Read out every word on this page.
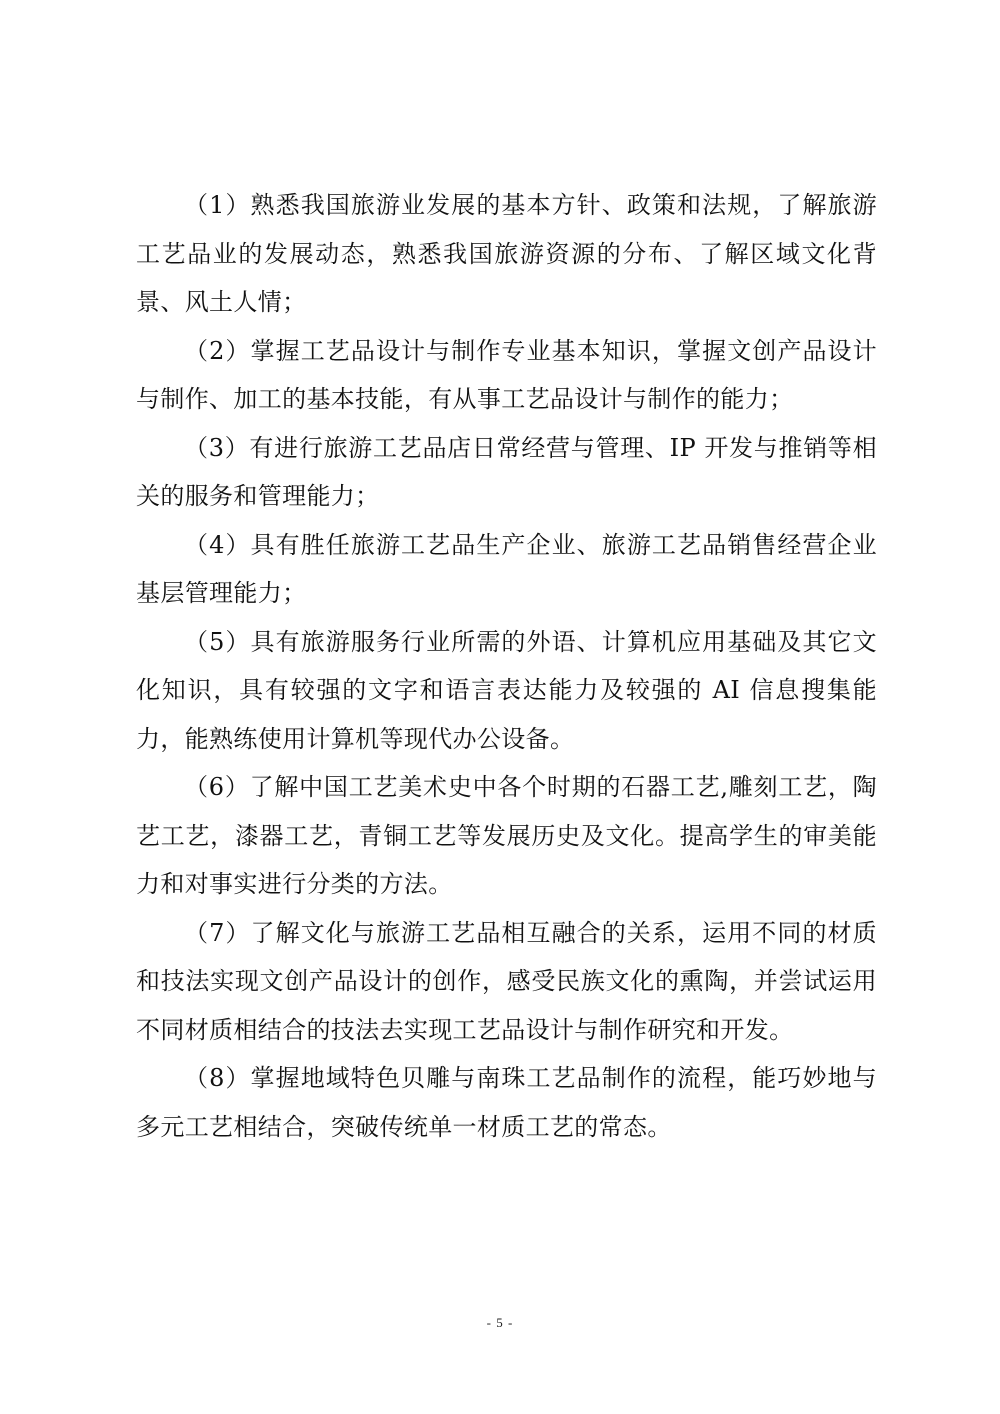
（1）熟悉我国旅游业发展的基本方针、政策和法规，了解旅游工艺品业的发展动态，熟悉我国旅游资源的分布、了解区域文化背景、风土人情；

（2）掌握工艺品设计与制作专业基本知识，掌握文创产品设计与制作、加工的基本技能，有从事工艺品设计与制作的能力；

（3）有进行旅游工艺品店日常经营与管理、IP 开发与推销等相关的服务和管理能力；

（4）具有胜任旅游工艺品生产企业、旅游工艺品销售经营企业基层管理能力；

（5）具有旅游服务行业所需的外语、计算机应用基础及其它文化知识，具有较强的文字和语言表达能力及较强的 AI 信息搜集能力，能熟练使用计算机等现代办公设备。

（6）了解中国工艺美术史中各个时期的石器工艺,雕刻工艺，陶艺工艺，漆器工艺，青铜工艺等发展历史及文化。提高学生的审美能力和对事实进行分类的方法。

（7）了解文化与旅游工艺品相互融合的关系，运用不同的材质和技法实现文创产品设计的创作，感受民族文化的熏陶，并尝试运用不同材质相结合的技法去实现工艺品设计与制作研究和开发。

（8）掌握地域特色贝雕与南珠工艺品制作的流程，能巧妙地与多元工艺相结合，突破传统单一材质工艺的常态。

- 5 -
